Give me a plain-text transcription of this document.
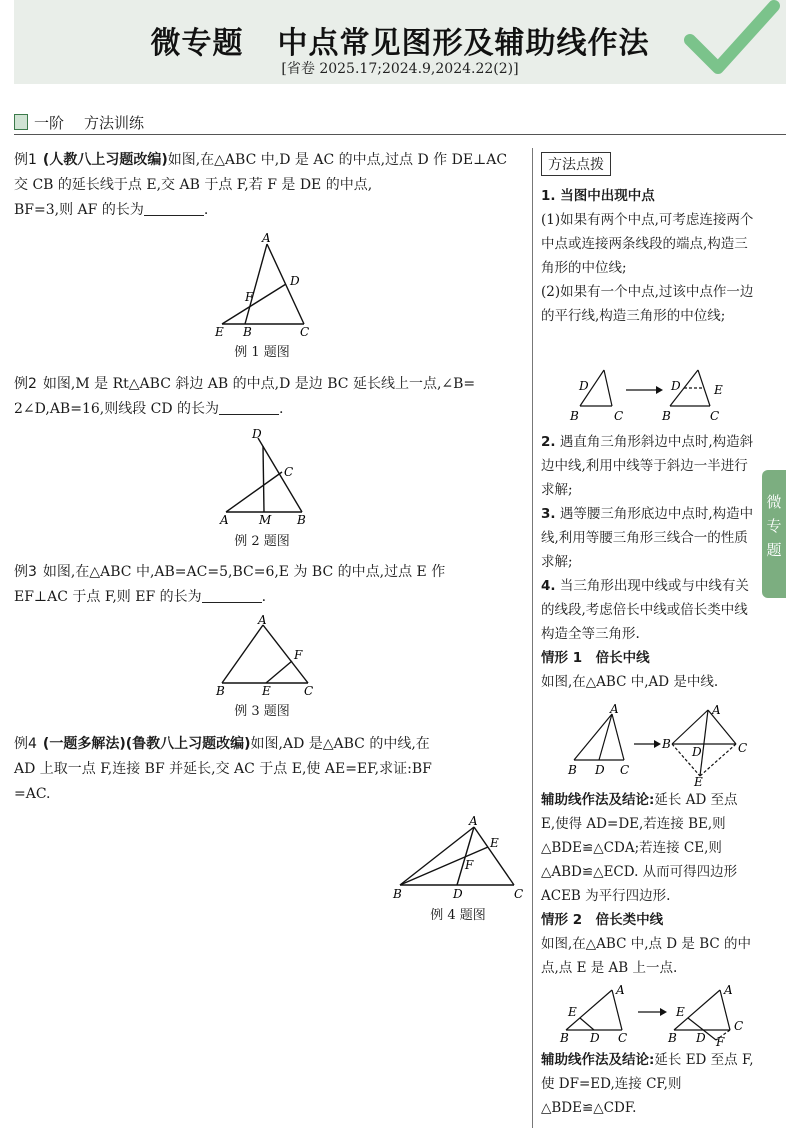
微专题 中点常见图形及辅助线作法
[省卷 2025.17;2024.9,2024.22(2)]
一阶 方法训练
例1 (人教八上习题改编)如图,在△ABC 中,D 是 AC 的中点,过点 D 作 DE⊥AC 交 CB 的延长线于点 E,交 AB 于点 F,若 F 是 DE 的中点,
BF=3,则 AF 的长为	.
A
D
F
E B	C
例 1 题图
例2 如图,M 是 Rt△ABC 斜边 AB 的中点,D 是边 BC 延长线上一点,∠B=
2∠D,AB=16,则线段 CD 的长为	.
D
C
A	M B
例 2 题图
例3 如图,在△ABC 中,AB=AC=5,BC=6,E 为 BC 的中点,过点 E 作
EF⊥AC 于点 F,则 EF 的长为	.
A
F
B	E	C
例 3 题图
例4 (一题多解法)(鲁教八上习题改编)如图,AD 是△ABC 的中线,在
AD 上取一点 F,连接 BF 并延长,交 AC 于点 E,使 AE=EF,求证:BF
=AC.
A
E
F
B	D	C
例 4 题图
方法点拨
1. 当图中出现中点
(1)如果有两个中点,可考虑连接两个中点或连接两条线段的端点,构造三角形的中位线;
(2)如果有一个中点,过该中点作一边的平行线,构造三角形的中位线;
D
B	C
D	E
B	C
2. 遇直角三角形斜边中点时,构造斜边中线,利用中线等于斜边一半进行求解;
3. 遇等腰三角形底边中点时,构造中线,利用等腰三角形三线合一的性质求解;
4. 当三角形出现中线或与中线有关的线段,考虑倍长中线或倍长类中线构造全等三角形.
情形 1　倍长中线
如图,在△ABC 中,AD 是中线.
A
B D C
A
B
D	C
E
辅助线作法及结论:延长 AD 至点 E,使得 AD=DE,若连接 BE,则△BDE≌△CDA;若连接 CE,则△ABD≌△ECD. 从而可得四边形 ACEB 为平行四边形.
情形 2　倍长类中线
如图,在△ABC 中,点 D 是 BC 的中点,点 E 是 AB 上一点.
A
E
B D C
A
E
B D
C
F
辅助线作法及结论:延长 ED 至点 F,使 DF=ED,连接 CF,则△BDE≌△CDF.
微
专
题
